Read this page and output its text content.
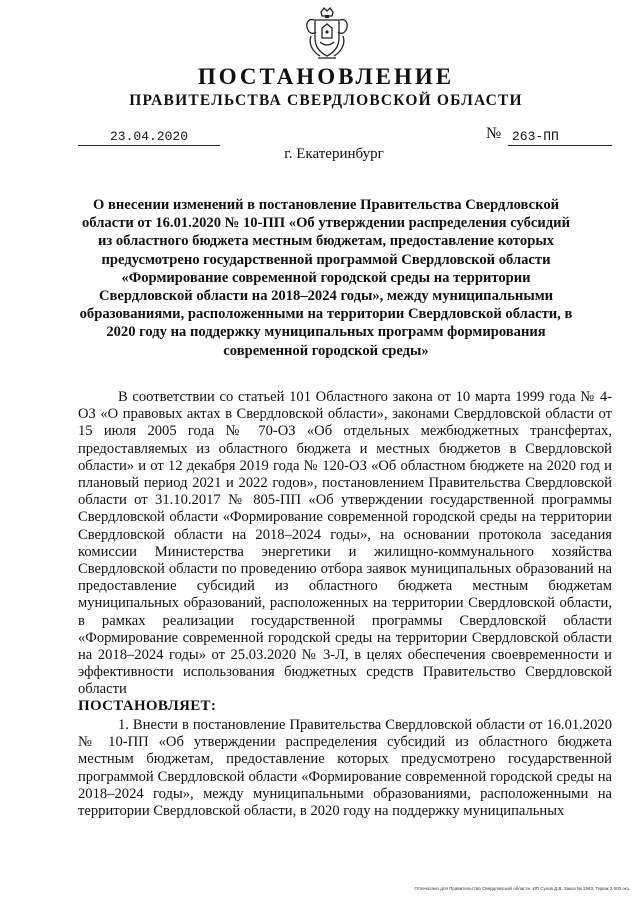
ПОСТАНОВЛЕНИЕ
ПРАВИТЕЛЬСТВА СВЕРДЛОВСКОЙ ОБЛАСТИ
23.04.2020	№ 263-ПП
г. Екатеринбург
О внесении изменений в постановление Правительства Свердловской области от 16.01.2020 № 10-ПП «Об утверждении распределения субсидий из областного бюджета местным бюджетам, предоставление которых предусмотрено государственной программой Свердловской области «Формирование современной городской среды на территории Свердловской области на 2018–2024 годы», между муниципальными образованиями, расположенными на территории Свердловской области, в 2020 году на поддержку муниципальных программ формирования современной городской среды»
В соответствии со статьей 101 Областного закона от 10 марта 1999 года № 4-ОЗ «О правовых актах в Свердловской области», законами Свердловской области от 15 июля 2005 года № 70-ОЗ «Об отдельных межбюджетных трансфертах, предоставляемых из областного бюджета и местных бюджетов в Свердловской области» и от 12 декабря 2019 года № 120-ОЗ «Об областном бюджете на 2020 год и плановый период 2021 и 2022 годов», постановлением Правительства Свердловской области от 31.10.2017 № 805-ПП «Об утверждении государственной программы Свердловской области «Формирование современной городской среды на территории Свердловской области на 2018–2024 годы», на основании протокола заседания комиссии Министерства энергетики и жилищно-коммунального хозяйства Свердловской области по проведению отбора заявок муниципальных образований на предоставление субсидий из областного бюджета местным бюджетам муниципальных образований, расположенных на территории Свердловской области, в рамках реализации государственной программы Свердловской области «Формирование современной городской среды на территории Свердловской области на 2018–2024 годы» от 25.03.2020 № 3-Л, в целях обеспечения своевременности и эффективности использования бюджетных средств Правительство Свердловской области
ПОСТАНОВЛЯЕТ:
1. Внести в постановление Правительства Свердловской области от 16.01.2020 № 10-ПП «Об утверждении распределения субсидий из областного бюджета местным бюджетам, предоставление которых предусмотрено государственной программой Свердловской области «Формирование современной городской среды на 2018–2024 годы», между муниципальными образованиями, расположенными на территории Свердловской области, в 2020 году на поддержку муниципальных
Отпечатано для Правительства Свердловской области. ИП Сухов Д.В. Заказ № 1963. Тираж 2 000 экз.
